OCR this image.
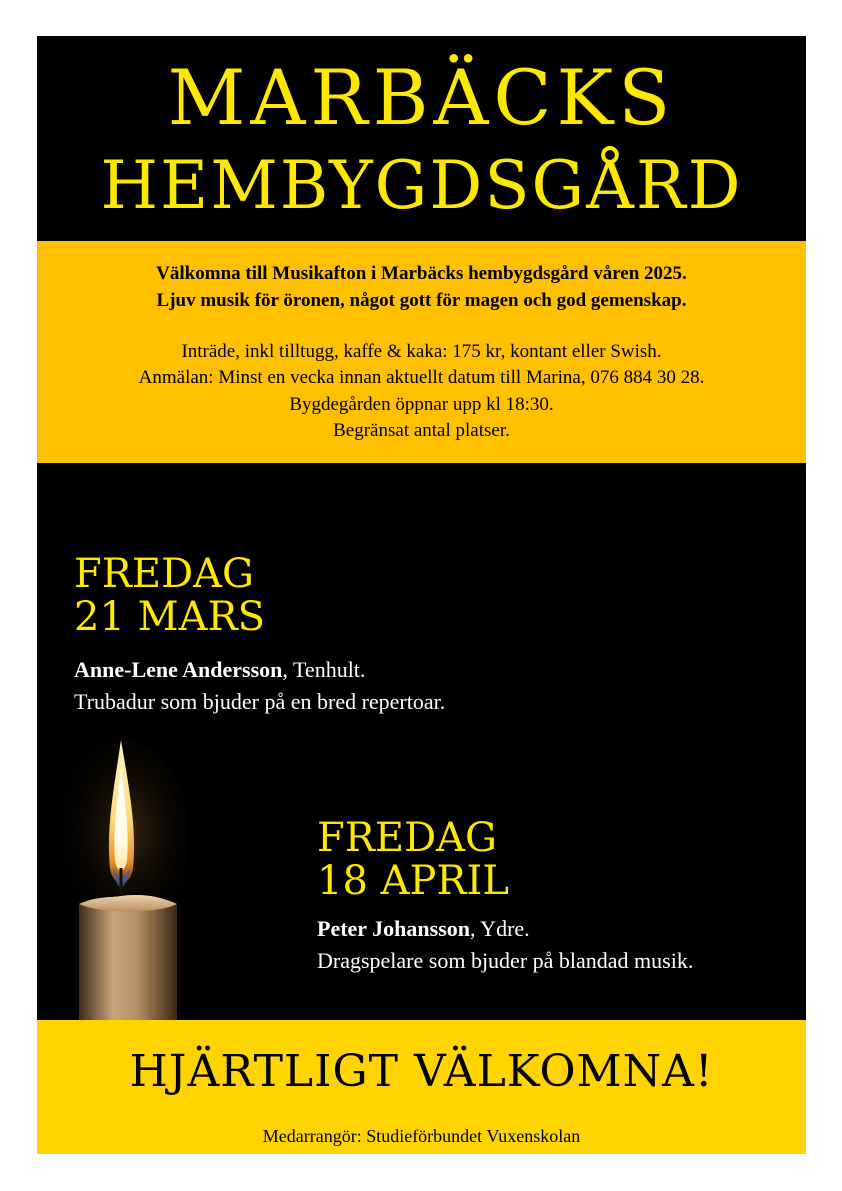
MARBÄCKS
HEMBYGDSGÅRD

Välkomna till Musikafton i Marbäcks hembygdsgård våren 2025.

Ljuv musik för öronen, något gott för magen och god gemenskap.

Inträde, inkl tilltugg, kaffe & kaka: 175 kr, kontant eller Swish.

Anmälan: Minst en vecka innan aktuellt datum till Marina, 076 884 30 28.

Bygdegården öppnar upp kl 18:30.

Begränsat antal platser.

FREDAG
21 MARS

Anne-Lene Andersson, Tenhult.

Trubadur som bjuder på en bred repertoar.

FREDAG
18 APRIL

Peter Johansson, Ydre.

Dragspelare som bjuder på blandad musik.

HJÄRTLIGT VÄLKOMNA!

Medarrangör: Studieförbundet Vuxenskolan
